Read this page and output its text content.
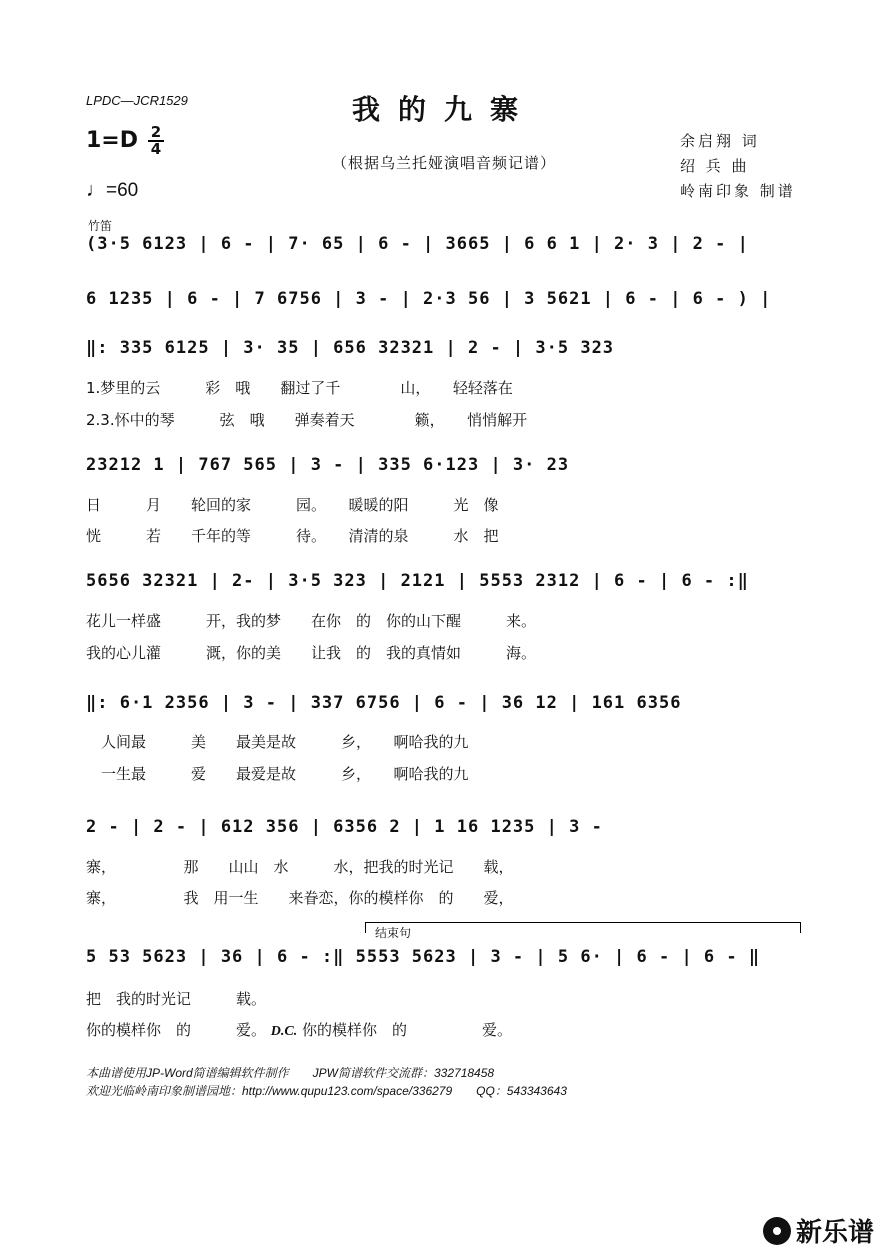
LPDC—JCR1529	我的九寨
（根据乌兰托娅演唱音频记谱）
1=D 2
4
♩=60
余启翔 词
绍 兵 曲
岭南印象 制谱
竹笛
(3·5 6123 | 6 - | 7· 65 | 6 - | 3665 | 6 6 1 | 2· 3 | 2 - |
6 1235 | 6 - | 7 6756 | 3 - | 2·3 56 | 3 5621 | 6 - | 6 - ) |
‖: 335 6125 | 3· 35 | 656 32321 | 2 - | 3·5 323
1.梦里的云　　　彩　哦　　翻过了千　　　　山，　　轻轻落在
2.3.怀中的琴　　　弦　哦　　弹奏着天　　　　籁，　　悄悄解开
23212 1 | 767 565 | 3 - | 335 6·123 | 3· 23
日　　　月　　轮回的家　　　园。　　暖暖的阳　　　光　像
恍　　　若　　千年的等　　　待。　　清清的泉　　　水　把
5656 32321 | 2- | 3·5 323 | 2121 | 5553 2312 | 6 - | 6 - :‖
花儿一样盛　　　开，我的梦　　在你　的　你的山下醒　　　来。
我的心儿灌　　　溉，你的美　　让我　的　我的真情如　　　海。
‖: 6·1 2356 | 3 - | 337 6756 | 6 - | 36 12 | 161 6356
　人间最　　　美　　最美是故　　　乡，　　啊哈我的九
　一生最　　　爱　　最爱是故　　　乡，　　啊哈我的九
2 - | 2 - | 612 356 | 6356 2 | 1 16 1235 | 3 -
寨，　　　　　那　　山山　水　　　水，把我的时光记　　载，
寨，　　　　　我　用一生　　来眷恋，你的模样你　的　　爱，
结束句
5 53 5623 | 36 | 6 - :‖ 5553 5623 | 3 - | 5 6· | 6 - | 6 - ‖
把　我的时光记　　　载。
你的模样你　的　　　爱。 D.C. 你的模样你　的　　　　　爱。
本曲谱使用JP-Word简谱编辑软件制作　　JPW简谱软件交流群：332718458
欢迎光临岭南印象制谱园地：http://www.qupu123.com/space/336279　　QQ：543343643
新乐谱
